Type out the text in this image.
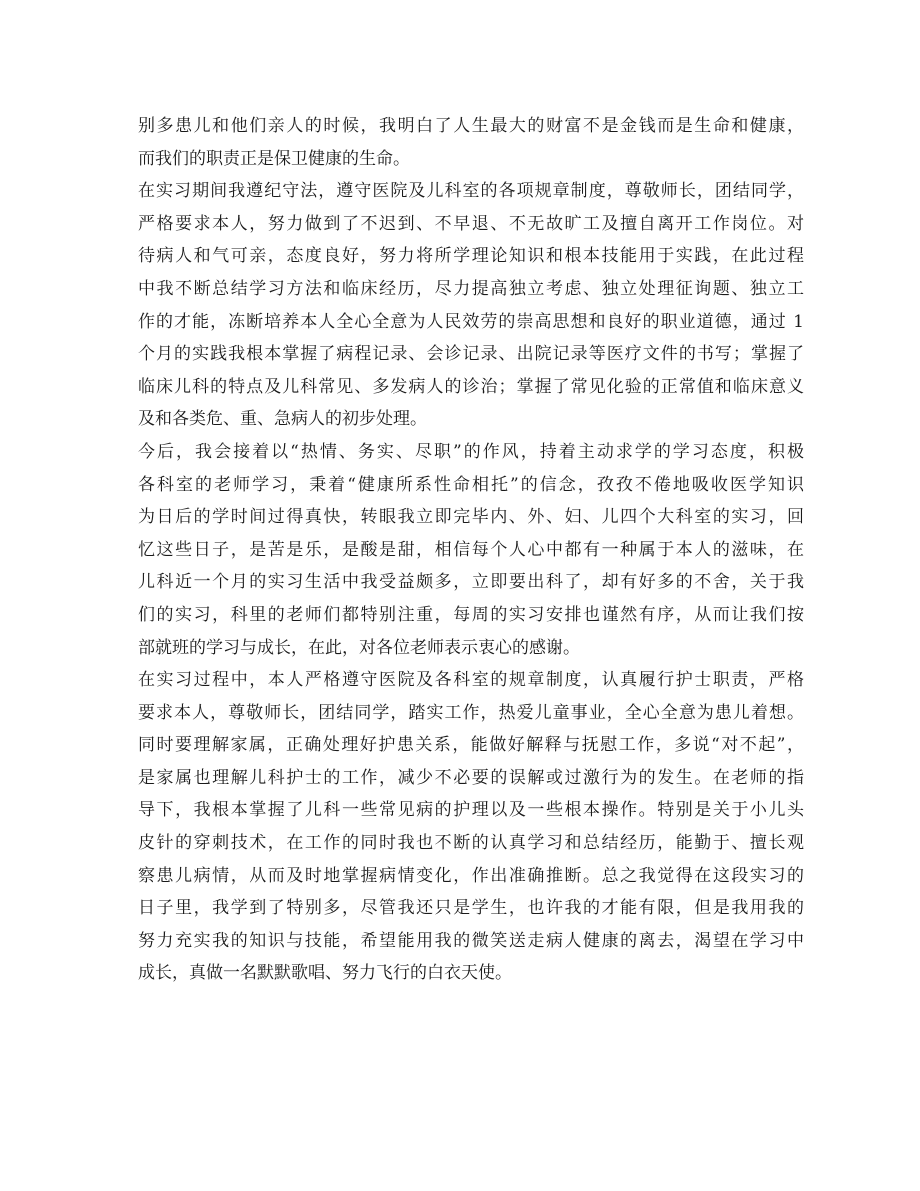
别多患儿和他们亲人的时候，我明白了人生最大的财富不是金钱而是生命和健康，
而我们的职责正是保卫健康的生命。
在实习期间我遵纪守法，遵守医院及儿科室的各项规章制度，尊敬师长，团结同学，
严格要求本人，努力做到了不迟到、不早退、不无故旷工及擅自离开工作岗位。对
待病人和气可亲，态度良好，努力将所学理论知识和根本技能用于实践，在此过程
中我不断总结学习方法和临床经历，尽力提高独立考虑、独立处理征询题、独立工
作的才能，冻断培养本人全心全意为人民效劳的崇高思想和良好的职业道德，通过 1
个月的实践我根本掌握了病程记录、会诊记录、出院记录等医疗文件的书写；掌握了
临床儿科的特点及儿科常见、多发病人的诊治；掌握了常见化验的正常值和临床意义
及和各类危、重、急病人的初步处理。
今后，我会接着以“热情、务实、尽职”的作风，持着主动求学的学习态度，积极
各科室的老师学习，秉着“健康所系性命相托”的信念，孜孜不倦地吸收医学知识
为日后的学时间过得真快，转眼我立即完毕内、外、妇、儿四个大科室的实习，回
忆这些日子，是苦是乐，是酸是甜，相信每个人心中都有一种属于本人的滋味，在
儿科近一个月的实习生活中我受益颇多，立即要出科了，却有好多的不舍，关于我
们的实习，科里的老师们都特别注重，每周的实习安排也谨然有序，从而让我们按
部就班的学习与成长，在此，对各位老师表示衷心的感谢。
在实习过程中，本人严格遵守医院及各科室的规章制度，认真履行护士职责，严格
要求本人，尊敬师长，团结同学，踏实工作，热爱儿童事业，全心全意为患儿着想。
同时要理解家属，正确处理好护患关系，能做好解释与抚慰工作，多说“对不起”，
是家属也理解儿科护士的工作，减少不必要的误解或过激行为的发生。在老师的指
导下，我根本掌握了儿科一些常见病的护理以及一些根本操作。特别是关于小儿头
皮针的穿刺技术，在工作的同时我也不断的认真学习和总结经历，能勤于、擅长观
察患儿病情，从而及时地掌握病情变化，作出准确推断。总之我觉得在这段实习的
日子里，我学到了特别多，尽管我还只是学生，也许我的才能有限，但是我用我的
努力充实我的知识与技能，希望能用我的微笑送走病人健康的离去，渴望在学习中
成长，真做一名默默歌唱、努力飞行的白衣天使。
